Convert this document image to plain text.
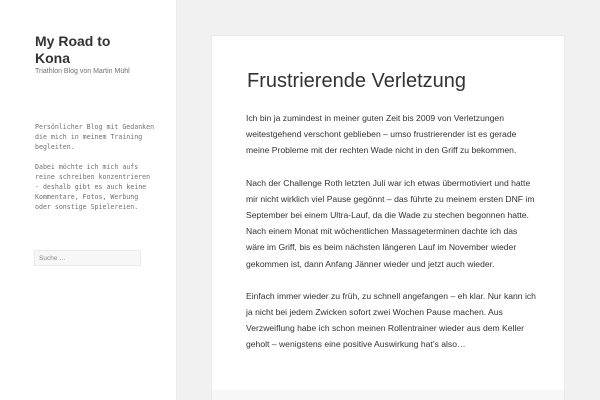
My Road to Kona
Triathlon Blog von Martin Mühl

Persönlicher Blog mit Gedanken die mich in meinem Training begleiten.

Dabei möchte ich mich aufs reine schreiben konzentrieren - deshalb gibt es auch keine Kommentare, Fotos, Werbung oder sonstige Spielereien.

Suche …
Frustrierende Verletzung

Ich bin ja zumindest in meiner guten Zeit bis 2009 von Verletzungen weitestgehend verschont geblieben – umso frustrierender ist es gerade meine Probleme mit der rechten Wade nicht in den Griff zu bekommen.

Nach der Challenge Roth letzten Juli war ich etwas übermotiviert und hatte mir nicht wirklich viel Pause gegönnt – das führte zu meinem ersten DNF im September bei einem Ultra-Lauf, da die Wade zu stechen begonnen hatte. Nach einem Monat mit wöchentlichen Massageterminen dachte ich das wäre im Griff, bis es beim nächsten längeren Lauf im November wieder gekommen ist, dann Anfang Jänner wieder und jetzt auch wieder.

Einfach immer wieder zu früh, zu schnell angefangen – eh klar. Nur kann ich ja nicht bei jedem Zwicken sofort zwei Wochen Pause machen. Aus Verzweiflung habe ich schon meinen Rollentrainer wieder aus dem Keller geholt – wenigstens eine positive Auswirkung hat’s also…
